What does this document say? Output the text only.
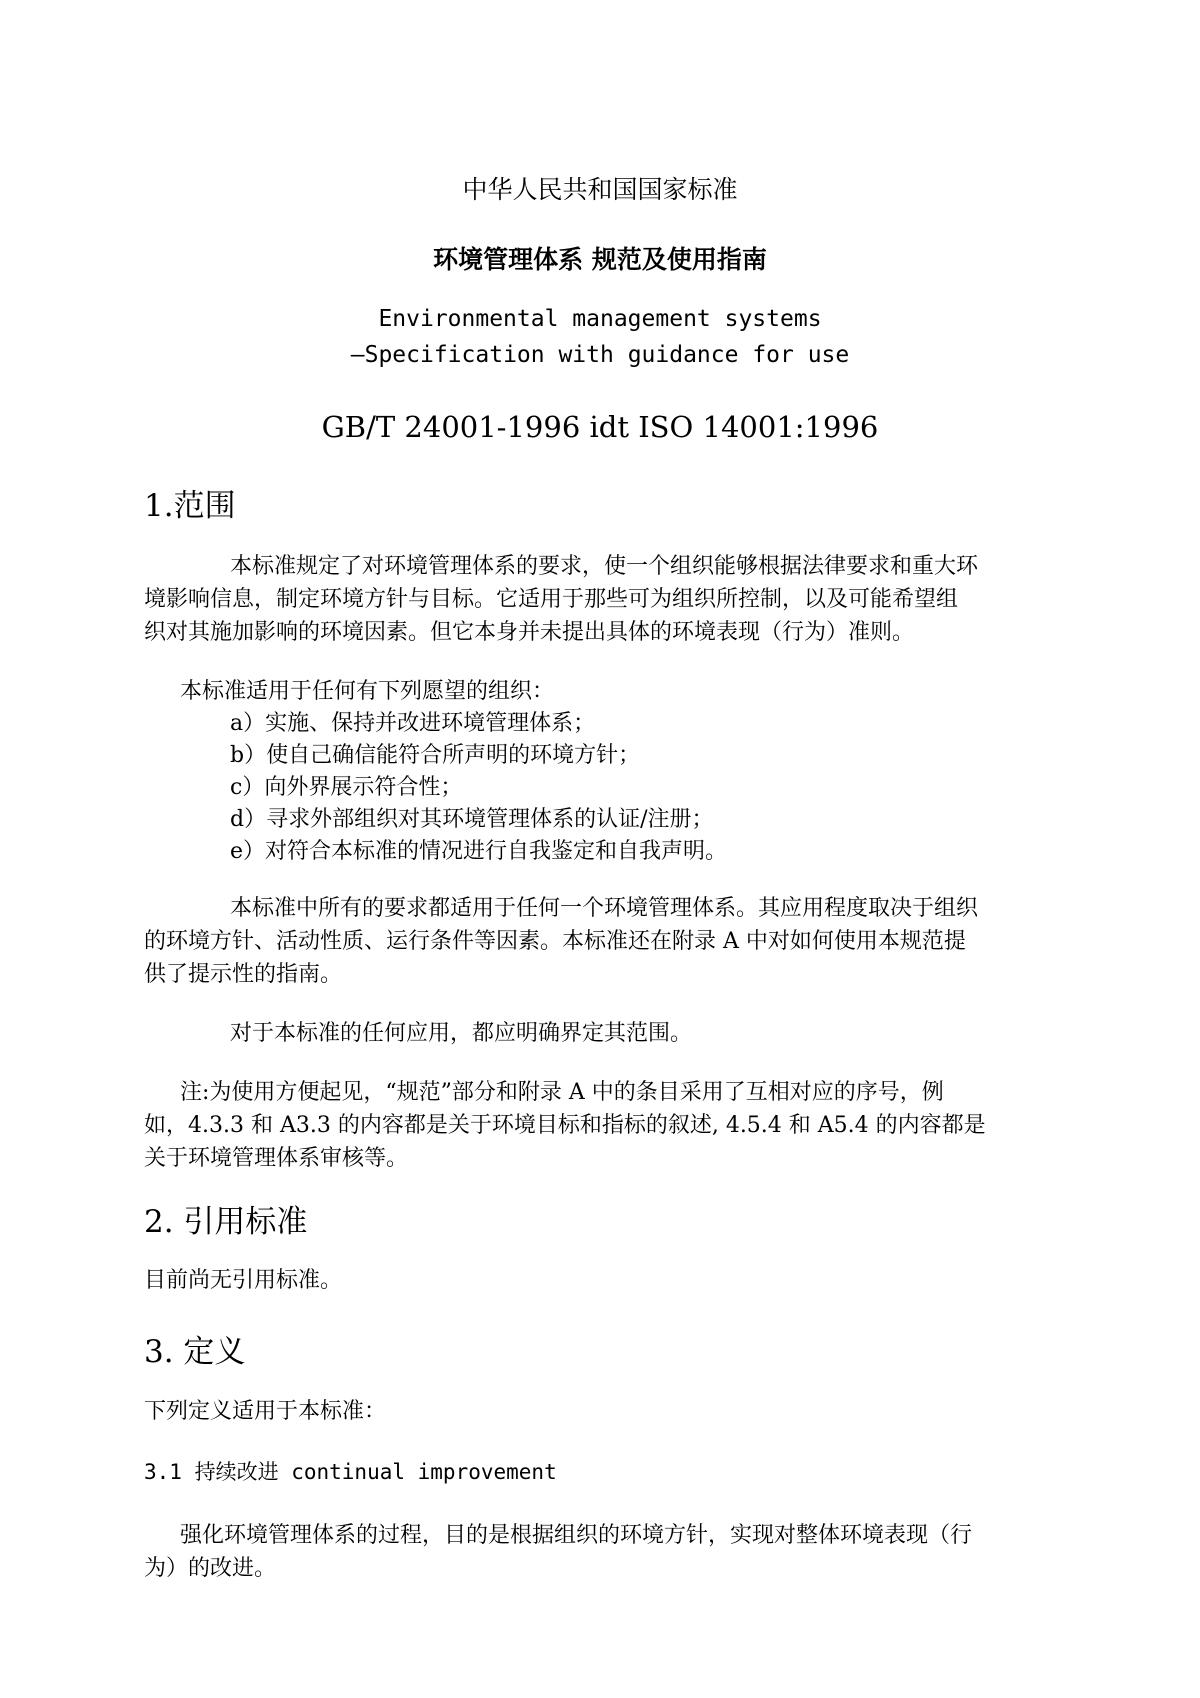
中华人民共和国国家标准
环境管理体系 规范及使用指南
Environmental management systems
—Specification with guidance for use
GB/T 24001-1996 idt ISO 14001:1996
1.范围
本标准规定了对环境管理体系的要求，使一个组织能够根据法律要求和重大环
境影响信息，制定环境方针与目标。它适用于那些可为组织所控制，以及可能希望组
织对其施加影响的环境因素。但它本身并未提出具体的环境表现（行为）准则。
本标准适用于任何有下列愿望的组织：
a）实施、保持并改进环境管理体系；
b）使自己确信能符合所声明的环境方针；
c）向外界展示符合性；
d）寻求外部组织对其环境管理体系的认证/注册；
e）对符合本标准的情况进行自我鉴定和自我声明。
本标准中所有的要求都适用于任何一个环境管理体系。其应用程度取决于组织
的环境方针、活动性质、运行条件等因素。本标准还在附录 A 中对如何使用本规范提
供了提示性的指南。
对于本标准的任何应用，都应明确界定其范围。
注:为使用方便起见，“规范”部分和附录 A 中的条目采用了互相对应的序号，例
如，4.3.3 和 A3.3 的内容都是关于环境目标和指标的叙述, 4.5.4 和 A5.4 的内容都是
关于环境管理体系审核等。
2. 引用标准
目前尚无引用标准。
3. 定义
下列定义适用于本标准：
3.1 持续改进 continual improvement
强化环境管理体系的过程，目的是根据组织的环境方针，实现对整体环境表现（行
为）的改进。
